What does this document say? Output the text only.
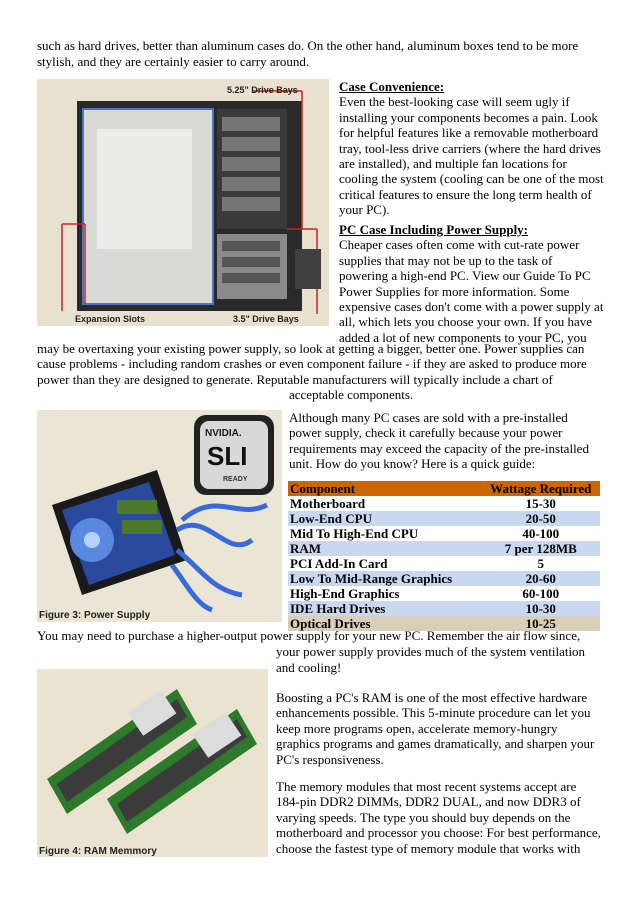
such as hard drives, better than aluminum cases do. On the other hand, aluminum boxes tend to be more

stylish, and they are certainly easier to carry around.

5.25" Drive Bays
Expansion Slots	3.5" Drive Bays
Case Convenience:
Even the best-looking case will seem ugly if
installing your components becomes a pain. Look
for helpful features like a removable motherboard
tray, tool-less drive carriers (where the hard drives
are installed), and multiple fan locations for
cooling the system (cooling can be one of the most
critical features to ensure the long term health of
your PC).
PC Case Including Power Supply:
Cheaper cases often come with cut-rate power
supplies that may not be up to the task of
powering a high-end PC. View our Guide To PC
Power Supplies for more information. Some
expensive cases don't come with a power supply at
all, which lets you choose your own. If you have
added a lot of new components to your PC, you
may be overtaxing your existing power supply, so look at getting a bigger, better one. Power supplies can
cause problems - including random crashes or even component failure - if they are asked to produce more
power than they are designed to generate. Reputable manufacturers will typically include a chart of
acceptable components.
NVIDIA.
SLI
READY
Figure 3: Power Supply
Although many PC cases are sold with a pre-installed
power supply, check it carefully because your power
requirements may exceed the capacity of the pre-installed
unit. How do you know? Here is a quick guide:
Component	Wattage Required
Motherboard	15-30
Low-End CPU	20-50
Mid To High-End CPU	40-100
RAM	7 per 128MB
PCI Add-In Card	5
Low To Mid-Range Graphics	20-60
High-End Graphics	60-100
IDE Hard Drives	10-30
Optical Drives	10-25
You may need to purchase a higher-output power supply for your new PC. Remember the air flow since,
your power supply provides much of the system ventilation
and cooling!
Figure 4: RAM Memmory
Boosting a PC's RAM is one of the most effective hardware
enhancements possible. This 5-minute procedure can let you
keep more programs open, accelerate memory-hungry
graphics programs and games dramatically, and sharpen your
PC's responsiveness.
The memory modules that most recent systems accept are
184-pin DDR2 DIMMs, DDR2 DUAL, and now DDR3 of
varying speeds. The type you should buy depends on the
motherboard and processor you choose: For best performance,
choose the fastest type of memory module that works with
